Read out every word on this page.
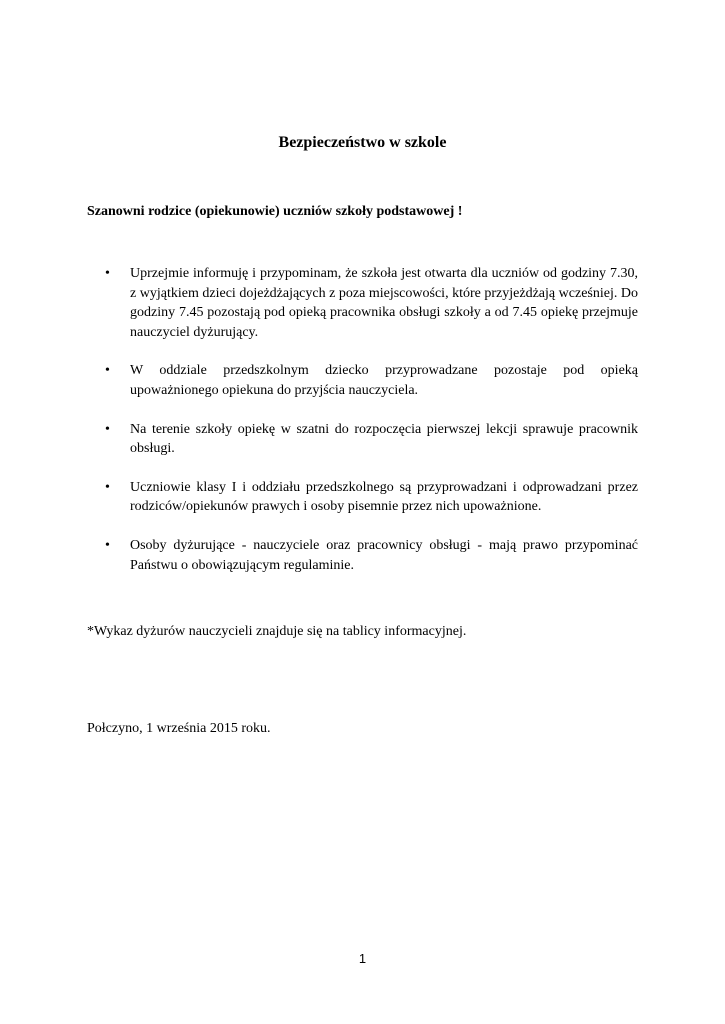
Bezpieczeństwo w szkole
Szanowni rodzice (opiekunowie) uczniów szkoły podstawowej !
• Uprzejmie informuję i przypominam, że szkoła jest otwarta dla uczniów od godziny 7.30, z wyjątkiem dzieci dojeżdżających z poza miejscowości, które przyjeżdżają wcześniej. Do godziny 7.45 pozostają pod opieką pracownika obsługi szkoły a od 7.45 opiekę przejmuje nauczyciel dyżurujący.
• W oddziale przedszkolnym dziecko przyprowadzane pozostaje pod opieką upoważnionego opiekuna do przyjścia nauczyciela.
• Na terenie szkoły opiekę w szatni do rozpoczęcia pierwszej lekcji sprawuje pracownik obsługi.
• Uczniowie klasy I i oddziału przedszkolnego są przyprowadzani i odprowadzani przez rodziców/opiekunów prawych i osoby pisemnie przez nich upoważnione.
• Osoby dyżurujące - nauczyciele oraz pracownicy obsługi - mają prawo przypominać Państwu o obowiązującym regulaminie.
*Wykaz dyżurów nauczycieli znajduje się na tablicy informacyjnej.
Połczyno, 1 września 2015 roku.
1
